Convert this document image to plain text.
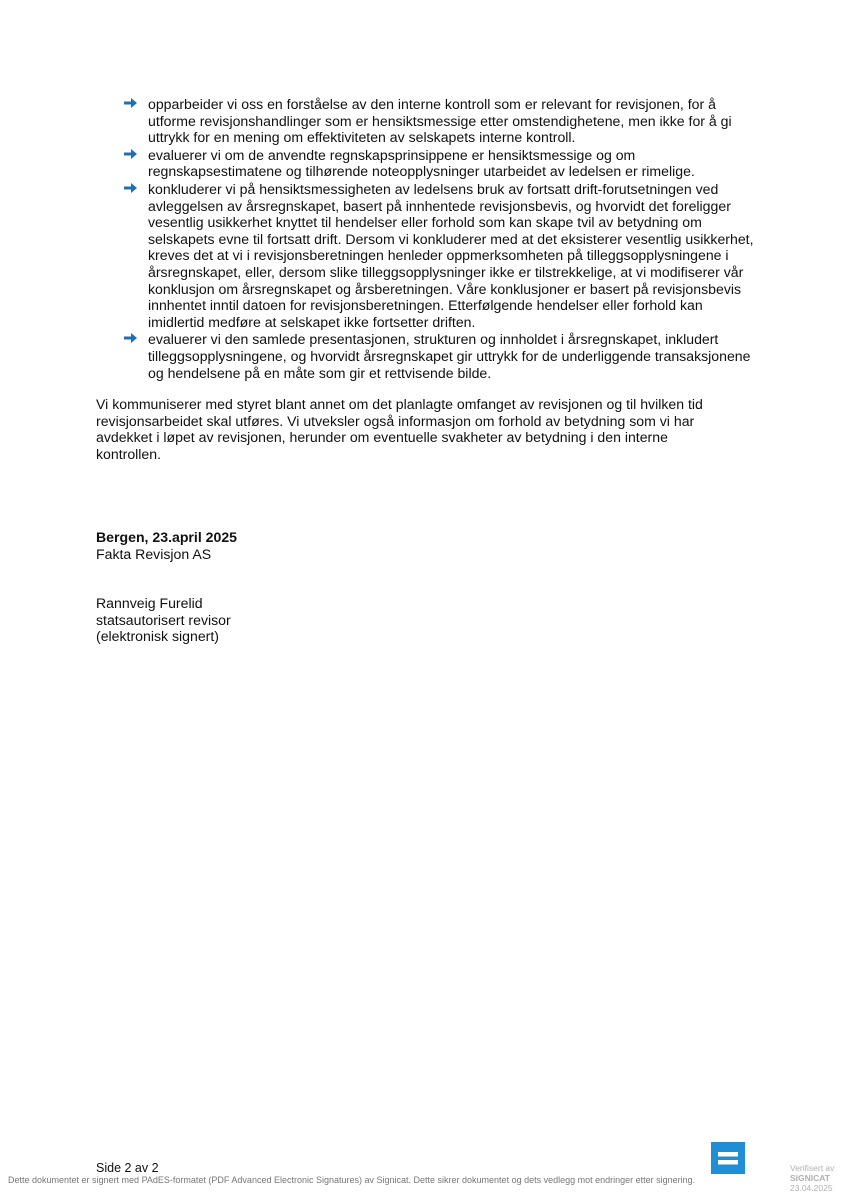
opparbeider vi oss en forståelse av den interne kontroll som er relevant for revisjonen, for å utforme revisjonshandlinger som er hensiktsmessige etter omstendighetene, men ikke for å gi uttrykk for en mening om effektiviteten av selskapets interne kontroll.
evaluerer vi om de anvendte regnskapsprinsippene er hensiktsmessige og om regnskapsestimatene og tilhørende noteopplysninger utarbeidet av ledelsen er rimelige.
konkluderer vi på hensiktsmessigheten av ledelsens bruk av fortsatt drift-forutsetningen ved avleggelsen av årsregnskapet, basert på innhentede revisjonsbevis, og hvorvidt det foreligger vesentlig usikkerhet knyttet til hendelser eller forhold som kan skape tvil av betydning om selskapets evne til fortsatt drift. Dersom vi konkluderer med at det eksisterer vesentlig usikkerhet, kreves det at vi i revisjonsberetningen henleder oppmerksomheten på tilleggsopplysningene i årsregnskapet, eller, dersom slike tilleggsopplysninger ikke er tilstrekkelige, at vi modifiserer vår konklusjon om årsregnskapet og årsberetningen. Våre konklusjoner er basert på revisjonsbevis innhentet inntil datoen for revisjonsberetningen. Etterfølgende hendelser eller forhold kan imidlertid medføre at selskapet ikke fortsetter driften.
evaluerer vi den samlede presentasjonen, strukturen og innholdet i årsregnskapet, inkludert tilleggsopplysningene, og hvorvidt årsregnskapet gir uttrykk for de underliggende transaksjonene og hendelsene på en måte som gir et rettvisende bilde.

Vi kommuniserer med styret blant annet om det planlagte omfanget av revisjonen og til hvilken tid revisjonsarbeidet skal utføres. Vi utveksler også informasjon om forhold av betydning som vi har avdekket i løpet av revisjonen, herunder om eventuelle svakheter av betydning i den interne kontrollen.

Bergen, 23.april 2025
Fakta Revisjon AS
Rannveig Furelid
statsautorisert revisor
(elektronisk signert)
Side 2 av 2
Dette dokumentet er signert med PAdES-formatet (PDF Advanced Electronic Signatures) av Signicat. Dette sikrer dokumentet og dets vedlegg mot endringer etter signering.
Verifisert av
SIGNICAT
23.04.2025
